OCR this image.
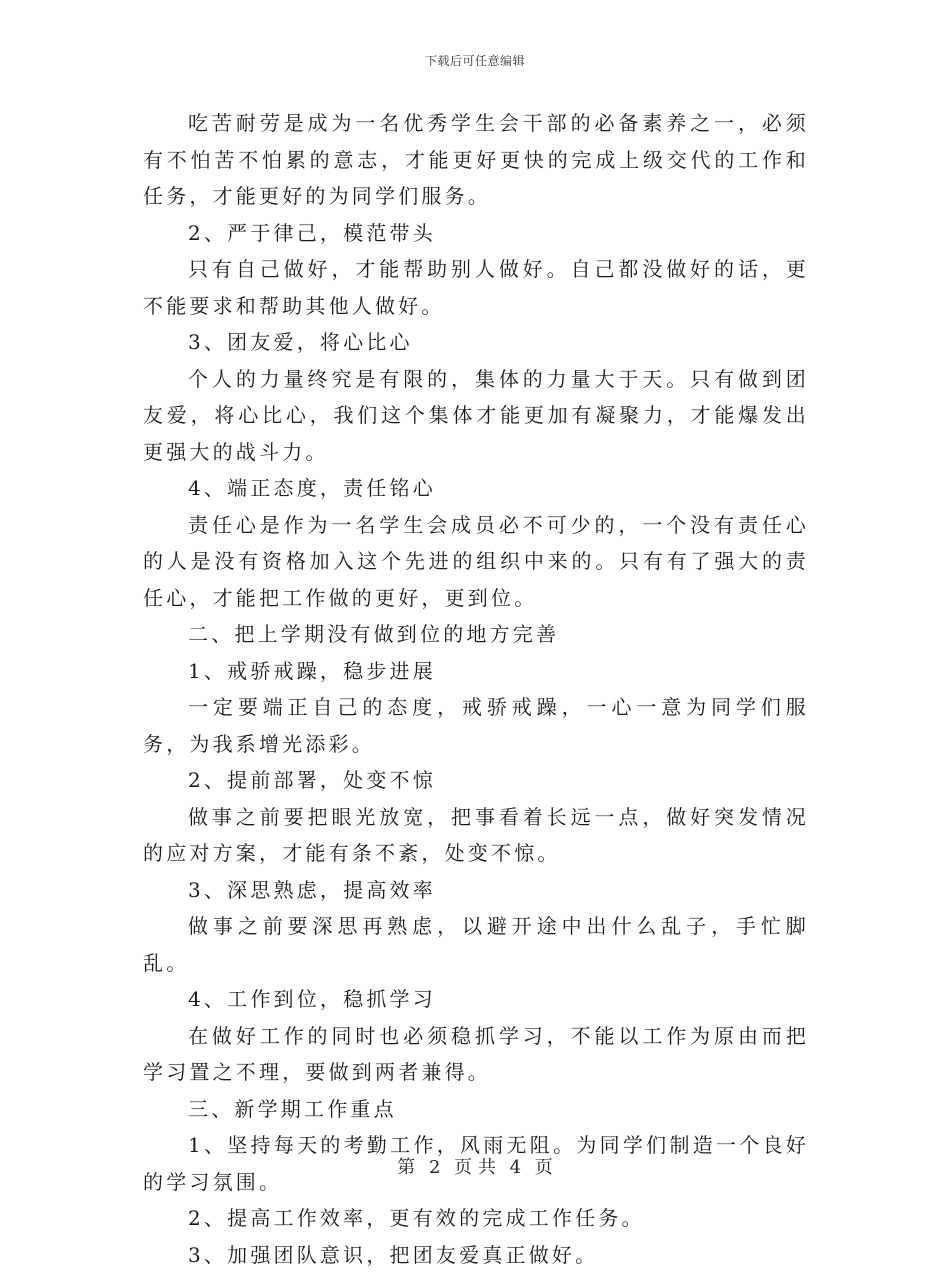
下载后可任意编辑

吃苦耐劳是成为一名优秀学生会干部的必备素养之一，必须有不怕苦不怕累的意志，才能更好更快的完成上级交代的工作和任务，才能更好的为同学们服务。

2、严于律己，模范带头

只有自己做好，才能帮助别人做好。自己都没做好的话，更不能要求和帮助其他人做好。

3、团友爱，将心比心

个人的力量终究是有限的，集体的力量大于天。只有做到团友爱，将心比心，我们这个集体才能更加有凝聚力，才能爆发出更强大的战斗力。

4、端正态度，责任铭心

责任心是作为一名学生会成员必不可少的，一个没有责任心的人是没有资格加入这个先进的组织中来的。只有有了强大的责任心，才能把工作做的更好，更到位。

二、把上学期没有做到位的地方完善

1、戒骄戒躁，稳步进展

一定要端正自己的态度，戒骄戒躁，一心一意为同学们服务，为我系增光添彩。

2、提前部署，处变不惊

做事之前要把眼光放宽，把事看着长远一点，做好突发情况的应对方案，才能有条不紊，处变不惊。

3、深思熟虑，提高效率

做事之前要深思再熟虑，以避开途中出什么乱子，手忙脚乱。

4、工作到位，稳抓学习

在做好工作的同时也必须稳抓学习，不能以工作为原由而把学习置之不理，要做到两者兼得。

三、新学期工作重点

1、坚持每天的考勤工作，风雨无阻。为同学们制造一个良好的学习氛围。

2、提高工作效率，更有效的完成工作任务。

3、加强团队意识，把团友爱真正做好。

第 2 页 共 4 页
